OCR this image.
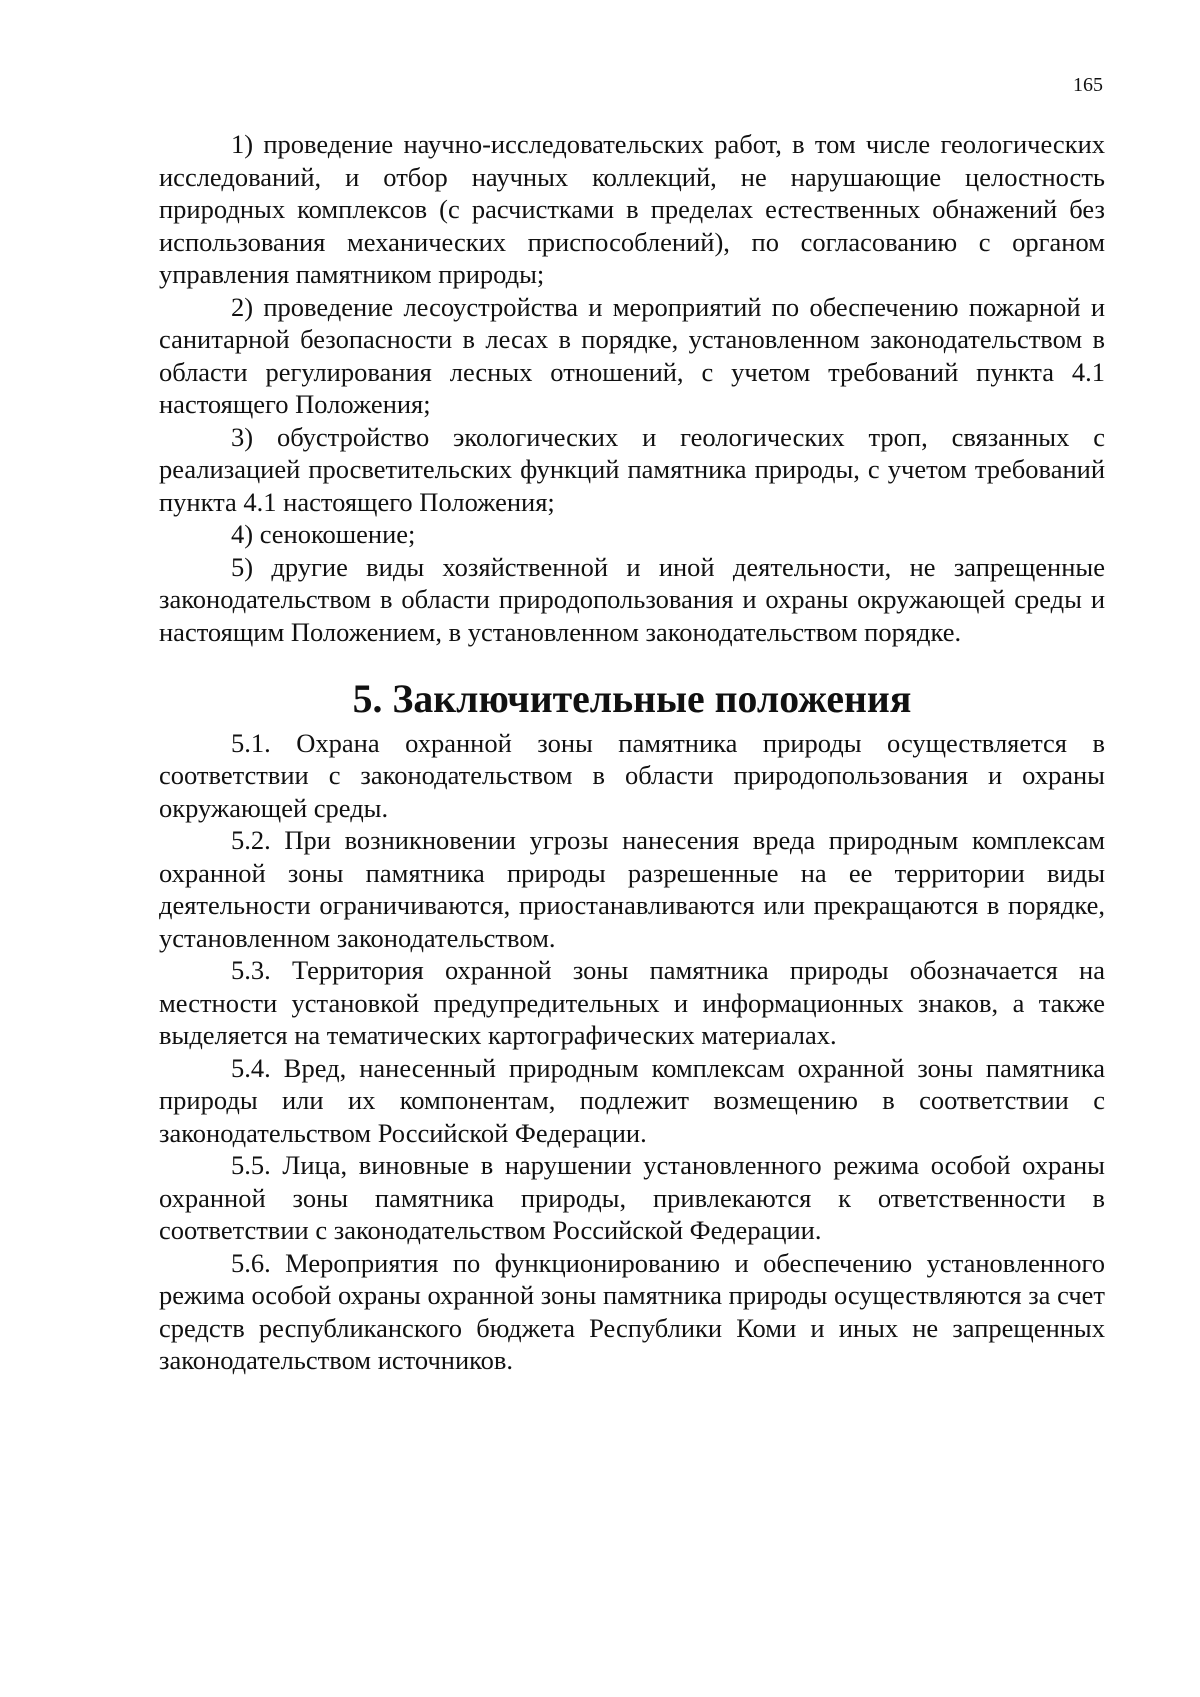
165

1) проведение научно-исследовательских работ, в том числе геологических исследований, и отбор научных коллекций, не нарушающие целостность природных комплексов (с расчистками в пределах естественных обнажений без использования механических приспособлений), по согласованию с органом управления памятником природы;

2) проведение лесоустройства и мероприятий по обеспечению пожарной и санитарной безопасности в лесах в порядке, установленном законодательством в области регулирования лесных отношений, с учетом требований пункта 4.1 настоящего Положения;

3) обустройство экологических и геологических троп, связанных с реализацией просветительских функций памятника природы, с учетом требований пункта 4.1 настоящего Положения;

4) сенокошение;

5) другие виды хозяйственной и иной деятельности, не запрещенные законодательством в области природопользования и охраны окружающей среды и настоящим Положением, в установленном законодательством порядке.

5. Заключительные положения

5.1. Охрана охранной зоны памятника природы осуществляется в соответствии с законодательством в области природопользования и охраны окружающей среды.

5.2. При возникновении угрозы нанесения вреда природным комплексам охранной зоны памятника природы разрешенные на ее территории виды деятельности ограничиваются, приостанавливаются или прекращаются в порядке, установленном законодательством.

5.3. Территория охранной зоны памятника природы обозначается на местности установкой предупредительных и информационных знаков, а также выделяется на тематических картографических материалах.

5.4. Вред, нанесенный природным комплексам охранной зоны памятника природы или их компонентам, подлежит возмещению в соответствии с законодательством Российской Федерации.

5.5. Лица, виновные в нарушении установленного режима особой охраны охранной зоны памятника природы, привлекаются к ответственности в соответствии с законодательством Российской Федерации.

5.6. Мероприятия по функционированию и обеспечению установленного режима особой охраны охранной зоны памятника природы осуществляются за счет средств республиканского бюджета Республики Коми и иных не запрещенных законодательством источников.
